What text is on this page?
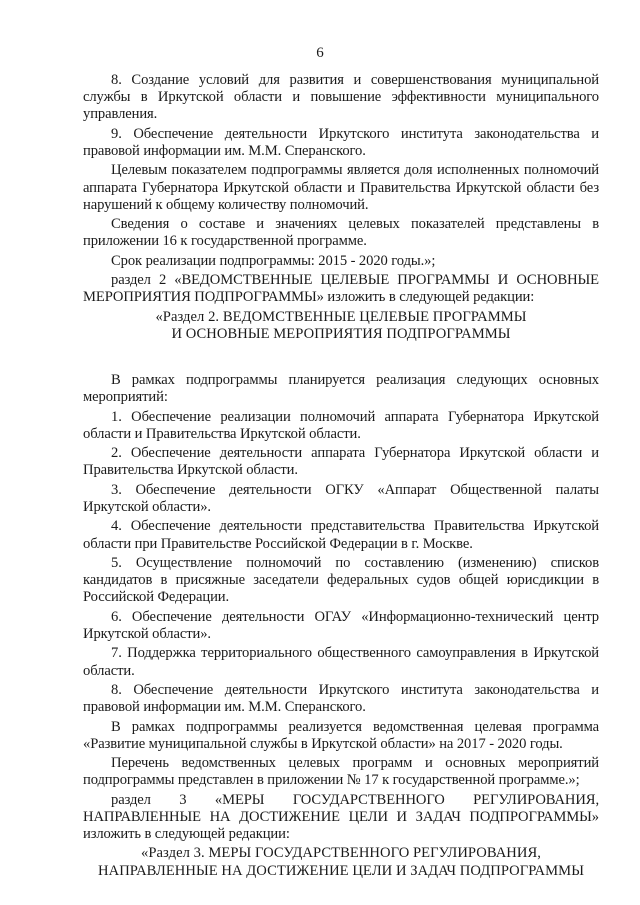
6

8. Создание условий для развития и совершенствования муниципальной службы в Иркутской области и повышение эффективности муниципального управления.

9. Обеспечение деятельности Иркутского института законодательства и правовой информации им. М.М. Сперанского.

Целевым показателем подпрограммы является доля исполненных полномочий аппарата Губернатора Иркутской области и Правительства Иркутской области без нарушений к общему количеству полномочий.

Сведения о составе и значениях целевых показателей представлены в приложении 16 к государственной программе.

Срок реализации подпрограммы: 2015 - 2020 годы.»;

раздел 2 «ВЕДОМСТВЕННЫЕ ЦЕЛЕВЫЕ ПРОГРАММЫ И ОСНОВНЫЕ МЕРОПРИЯТИЯ ПОДПРОГРАММЫ» изложить в следующей редакции:

«Раздел 2. ВЕДОМСТВЕННЫЕ ЦЕЛЕВЫЕ ПРОГРАММЫ

И ОСНОВНЫЕ МЕРОПРИЯТИЯ ПОДПРОГРАММЫ

В рамках подпрограммы планируется реализация следующих основных мероприятий:

1. Обеспечение реализации полномочий аппарата Губернатора Иркутской области и Правительства Иркутской области.

2. Обеспечение деятельности аппарата Губернатора Иркутской области и Правительства Иркутской области.

3. Обеспечение деятельности ОГКУ «Аппарат Общественной палаты Иркутской области».

4. Обеспечение деятельности представительства Правительства Иркутской области при Правительстве Российской Федерации в г. Москве.

5. Осуществление полномочий по составлению (изменению) списков кандидатов в присяжные заседатели федеральных судов общей юрисдикции в Российской Федерации.

6. Обеспечение деятельности ОГАУ «Информационно-технический центр Иркутской области».

7. Поддержка территориального общественного самоуправления в Иркутской области.

8. Обеспечение деятельности Иркутского института законодательства и правовой информации им. М.М. Сперанского.

В рамках подпрограммы реализуется ведомственная целевая программа «Развитие муниципальной службы в Иркутской области» на 2017 - 2020 годы.

Перечень ведомственных целевых программ и основных мероприятий подпрограммы представлен в приложении № 17 к государственной программе.»;

раздел 3 «МЕРЫ ГОСУДАРСТВЕННОГО РЕГУЛИРОВАНИЯ, НАПРАВЛЕННЫЕ НА ДОСТИЖЕНИЕ ЦЕЛИ И ЗАДАЧ ПОДПРОГРАММЫ» изложить в следующей редакции:

«Раздел 3. МЕРЫ ГОСУДАРСТВЕННОГО РЕГУЛИРОВАНИЯ,

НАПРАВЛЕННЫЕ НА ДОСТИЖЕНИЕ ЦЕЛИ И ЗАДАЧ ПОДПРОГРАММЫ
